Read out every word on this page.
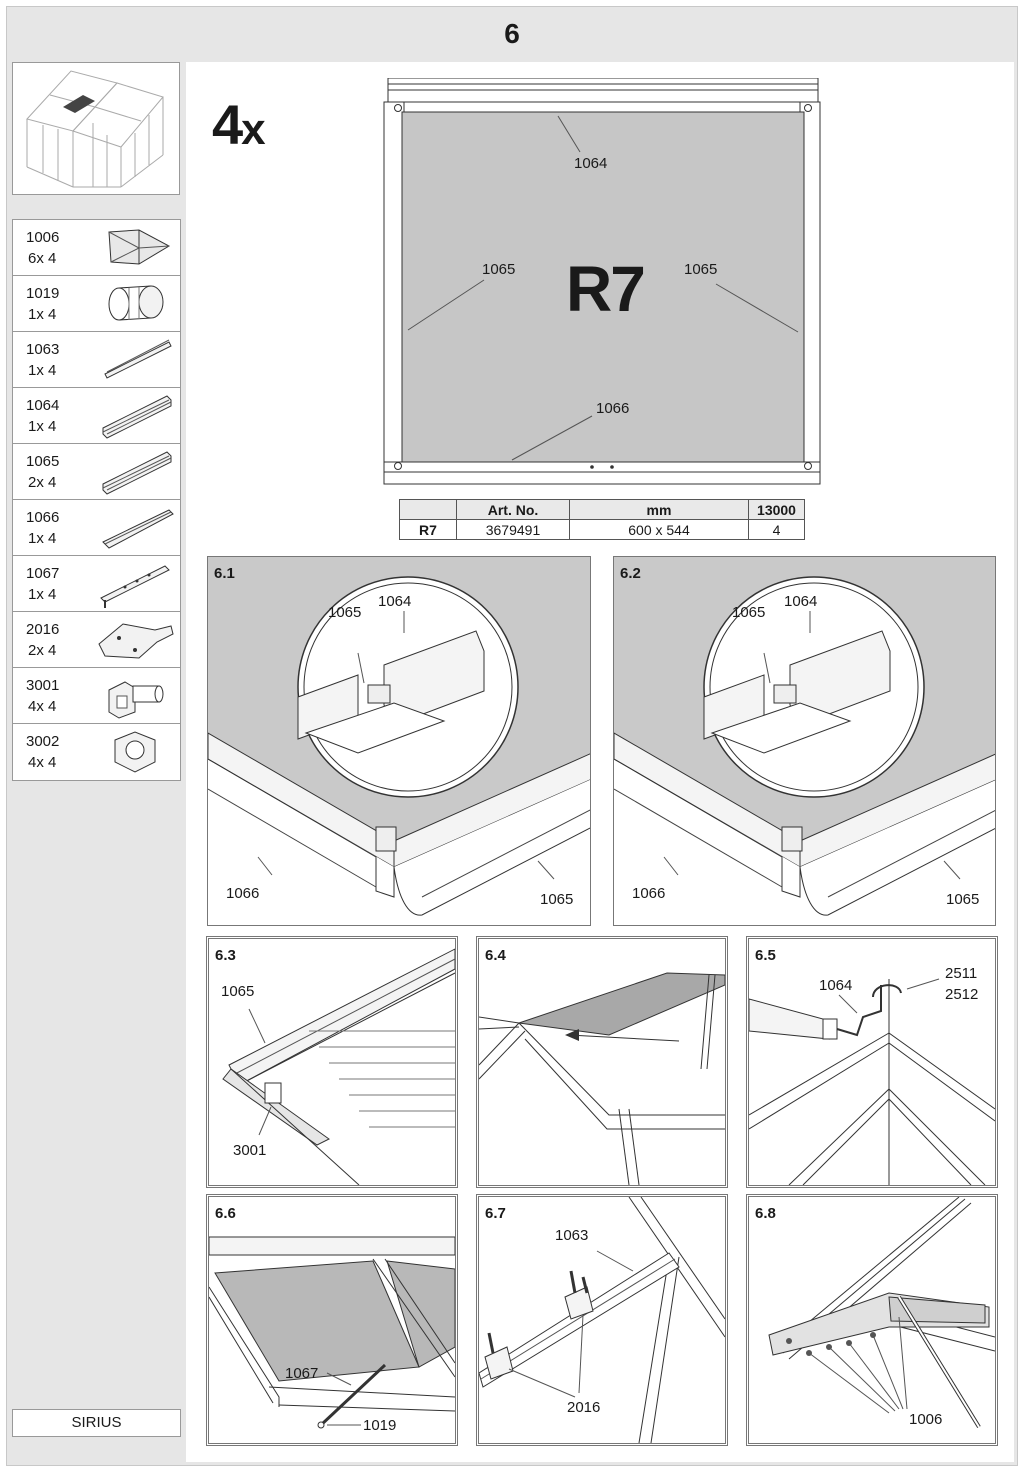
6
1006
6x 4
1019
1x 4
1063
1x 4
1064
1x 4
1065
2x 4
1066
1x 4
1067
1x 4
2016
2x 4
3001
4x 4
3002
4x 4
SIRIUS
4x
1064
1065	1065
1066
R7
	Art. No.	mm	13000
R7	3679491	600 x 544	4
6.1
1065
1064
1066	1065
6.2
1065
1064
1066	1065
6.3
1065
3001
6.4	6.5
1064
2511
2512
6.6
1067
1019
6.7
1063
2016
6.8
1006
